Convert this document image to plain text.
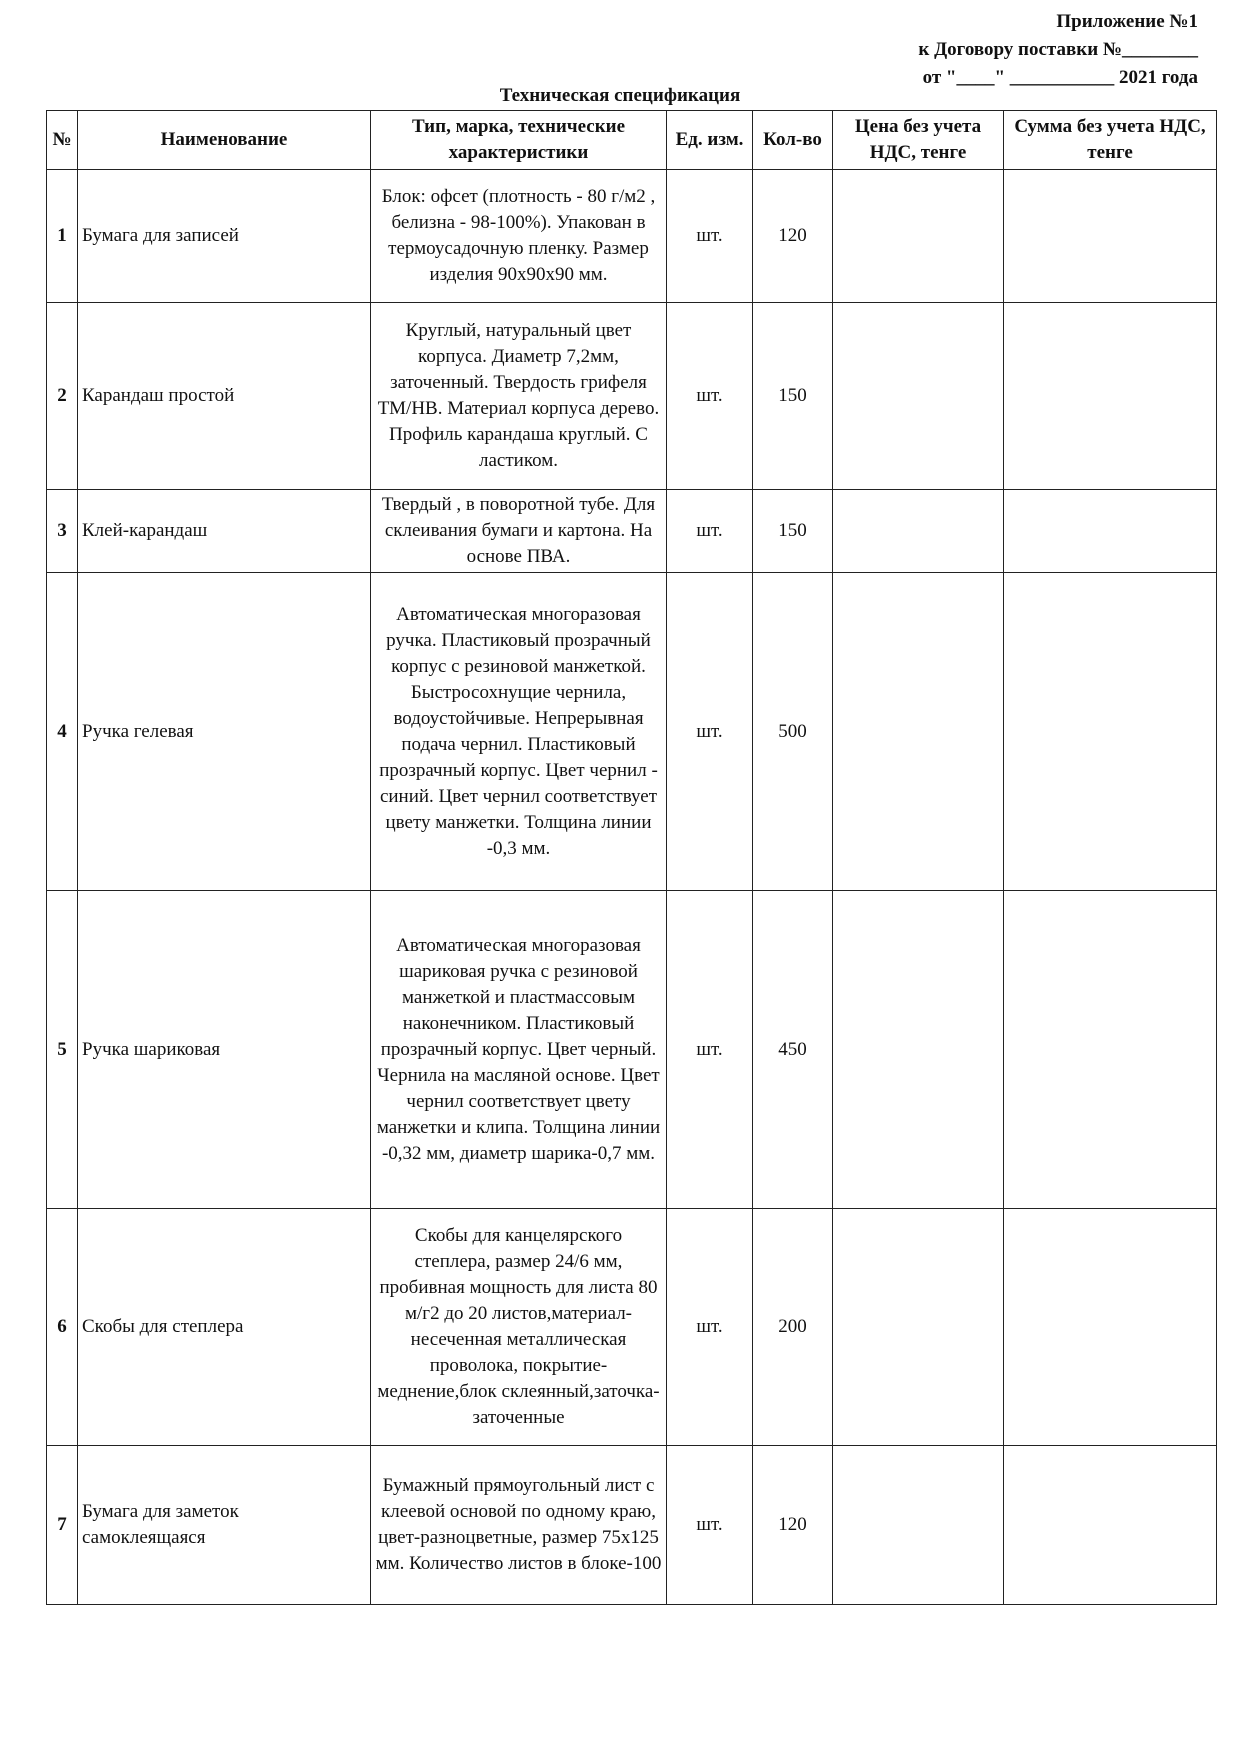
Приложение №1
к Договору поставки №________
от "____" ___________ 2021 года
Техническая спецификация
№	Наименование	Тип, марка, технические характеристики	Ед. изм.	Кол-во	Цена без учета НДС, тенге	Сумма без учета НДС, тенге
1	Бумага для записей	Блок: офсет (плотность - 80 г/м2 , белизна - 98-100%). Упакован в термоусадочную пленку. Размер изделия 90х90х90 мм.	шт.	120		
2	Карандаш простой	Круглый, натуральный цвет корпуса. Диаметр 7,2мм, заточенный. Твердость грифеля ТМ/НВ. Материал корпуса дерево. Профиль карандаша круглый. С ластиком.	шт.	150		
3	Клей-карандаш	Твердый , в поворотной тубе. Для склеивания бумаги и картона. На основе ПВА.	шт.	150		
4	Ручка гелевая	Автоматическая многоразовая ручка. Пластиковый прозрачный корпус с резиновой манжеткой. Быстросохнущие чернила, водоустойчивые. Непрерывная подача чернил. Пластиковый прозрачный корпус. Цвет чернил - синий. Цвет чернил соответствует цвету манжетки. Толщина линии -0,3 мм.	шт.	500		
5	Ручка шариковая	Автоматическая многоразовая шариковая ручка с резиновой манжеткой и пластмассовым наконечником. Пластиковый прозрачный корпус. Цвет черный. Чернила на масляной основе. Цвет чернил соответствует цвету манжетки и клипа. Толщина линии -0,32 мм, диаметр шарика-0,7 мм.	шт.	450		
6	Скобы для степлера	Скобы для канцелярского степлера, размер 24/6 мм, пробивная мощность для листа 80 м/г2 до 20 листов,материал-несеченная металлическая проволока, покрытие-меднение,блок склеянный,заточка- заточенные	шт.	200		
7	Бумага для заметок самоклеящаяся	Бумажный прямоугольный лист с клеевой основой по одному краю, цвет-разноцветные, размер 75х125 мм. Количество листов в блоке-100	шт.	120		
